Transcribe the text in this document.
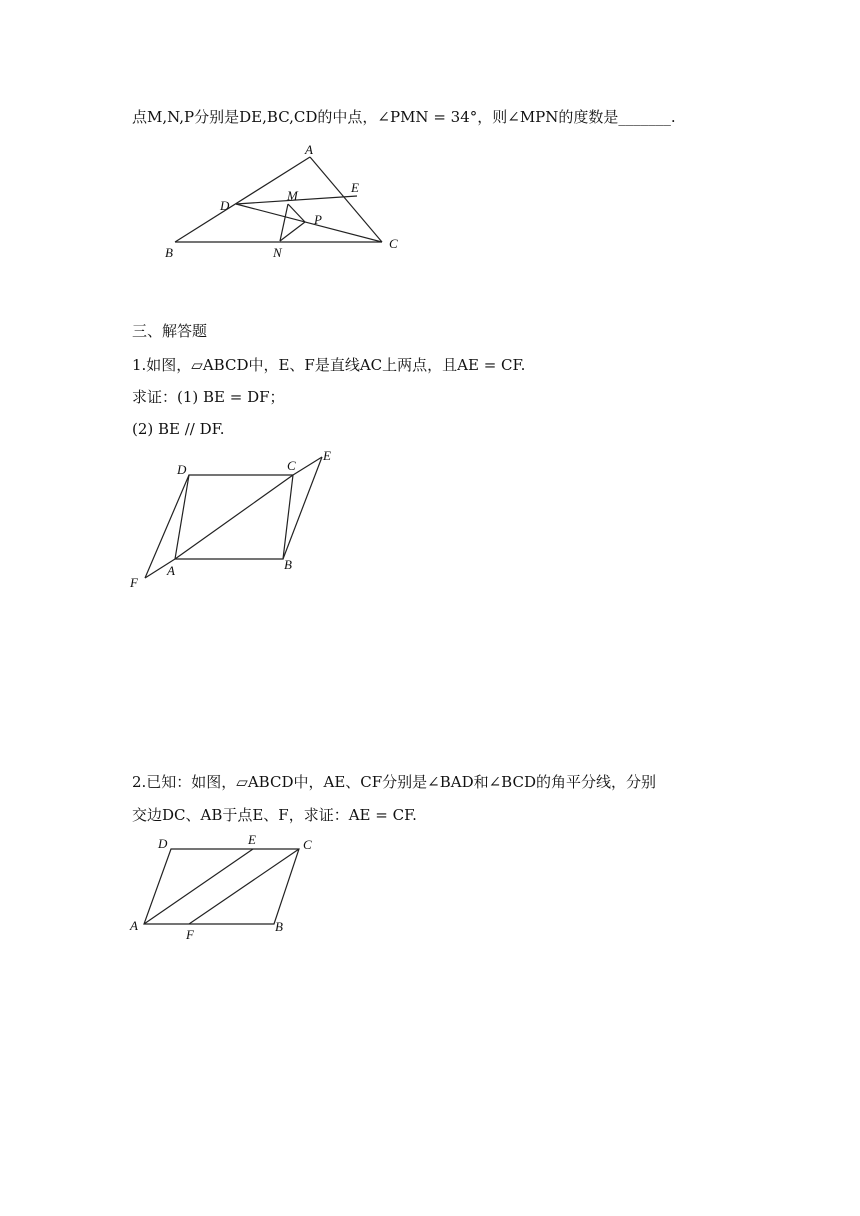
点M,N,P分别是DE,BC,CD的中点，∠PMN = 34°，则∠MPN的度数是_______.
A
B
C
D
E
M
N
P
三、解答题
1.如图，▱ABCD中，E、F是直线AC上两点，且AE = CF.
求证：(1) BE = DF；
(2) BE // DF.
A	B
C
D
E
F
2.已知：如图，▱ABCD中，AE、CF分别是∠BAD和∠BCD的角平分线，分别
交边DC、AB于点E、F，求证：AE = CF.
A	B
C
D	E
F
